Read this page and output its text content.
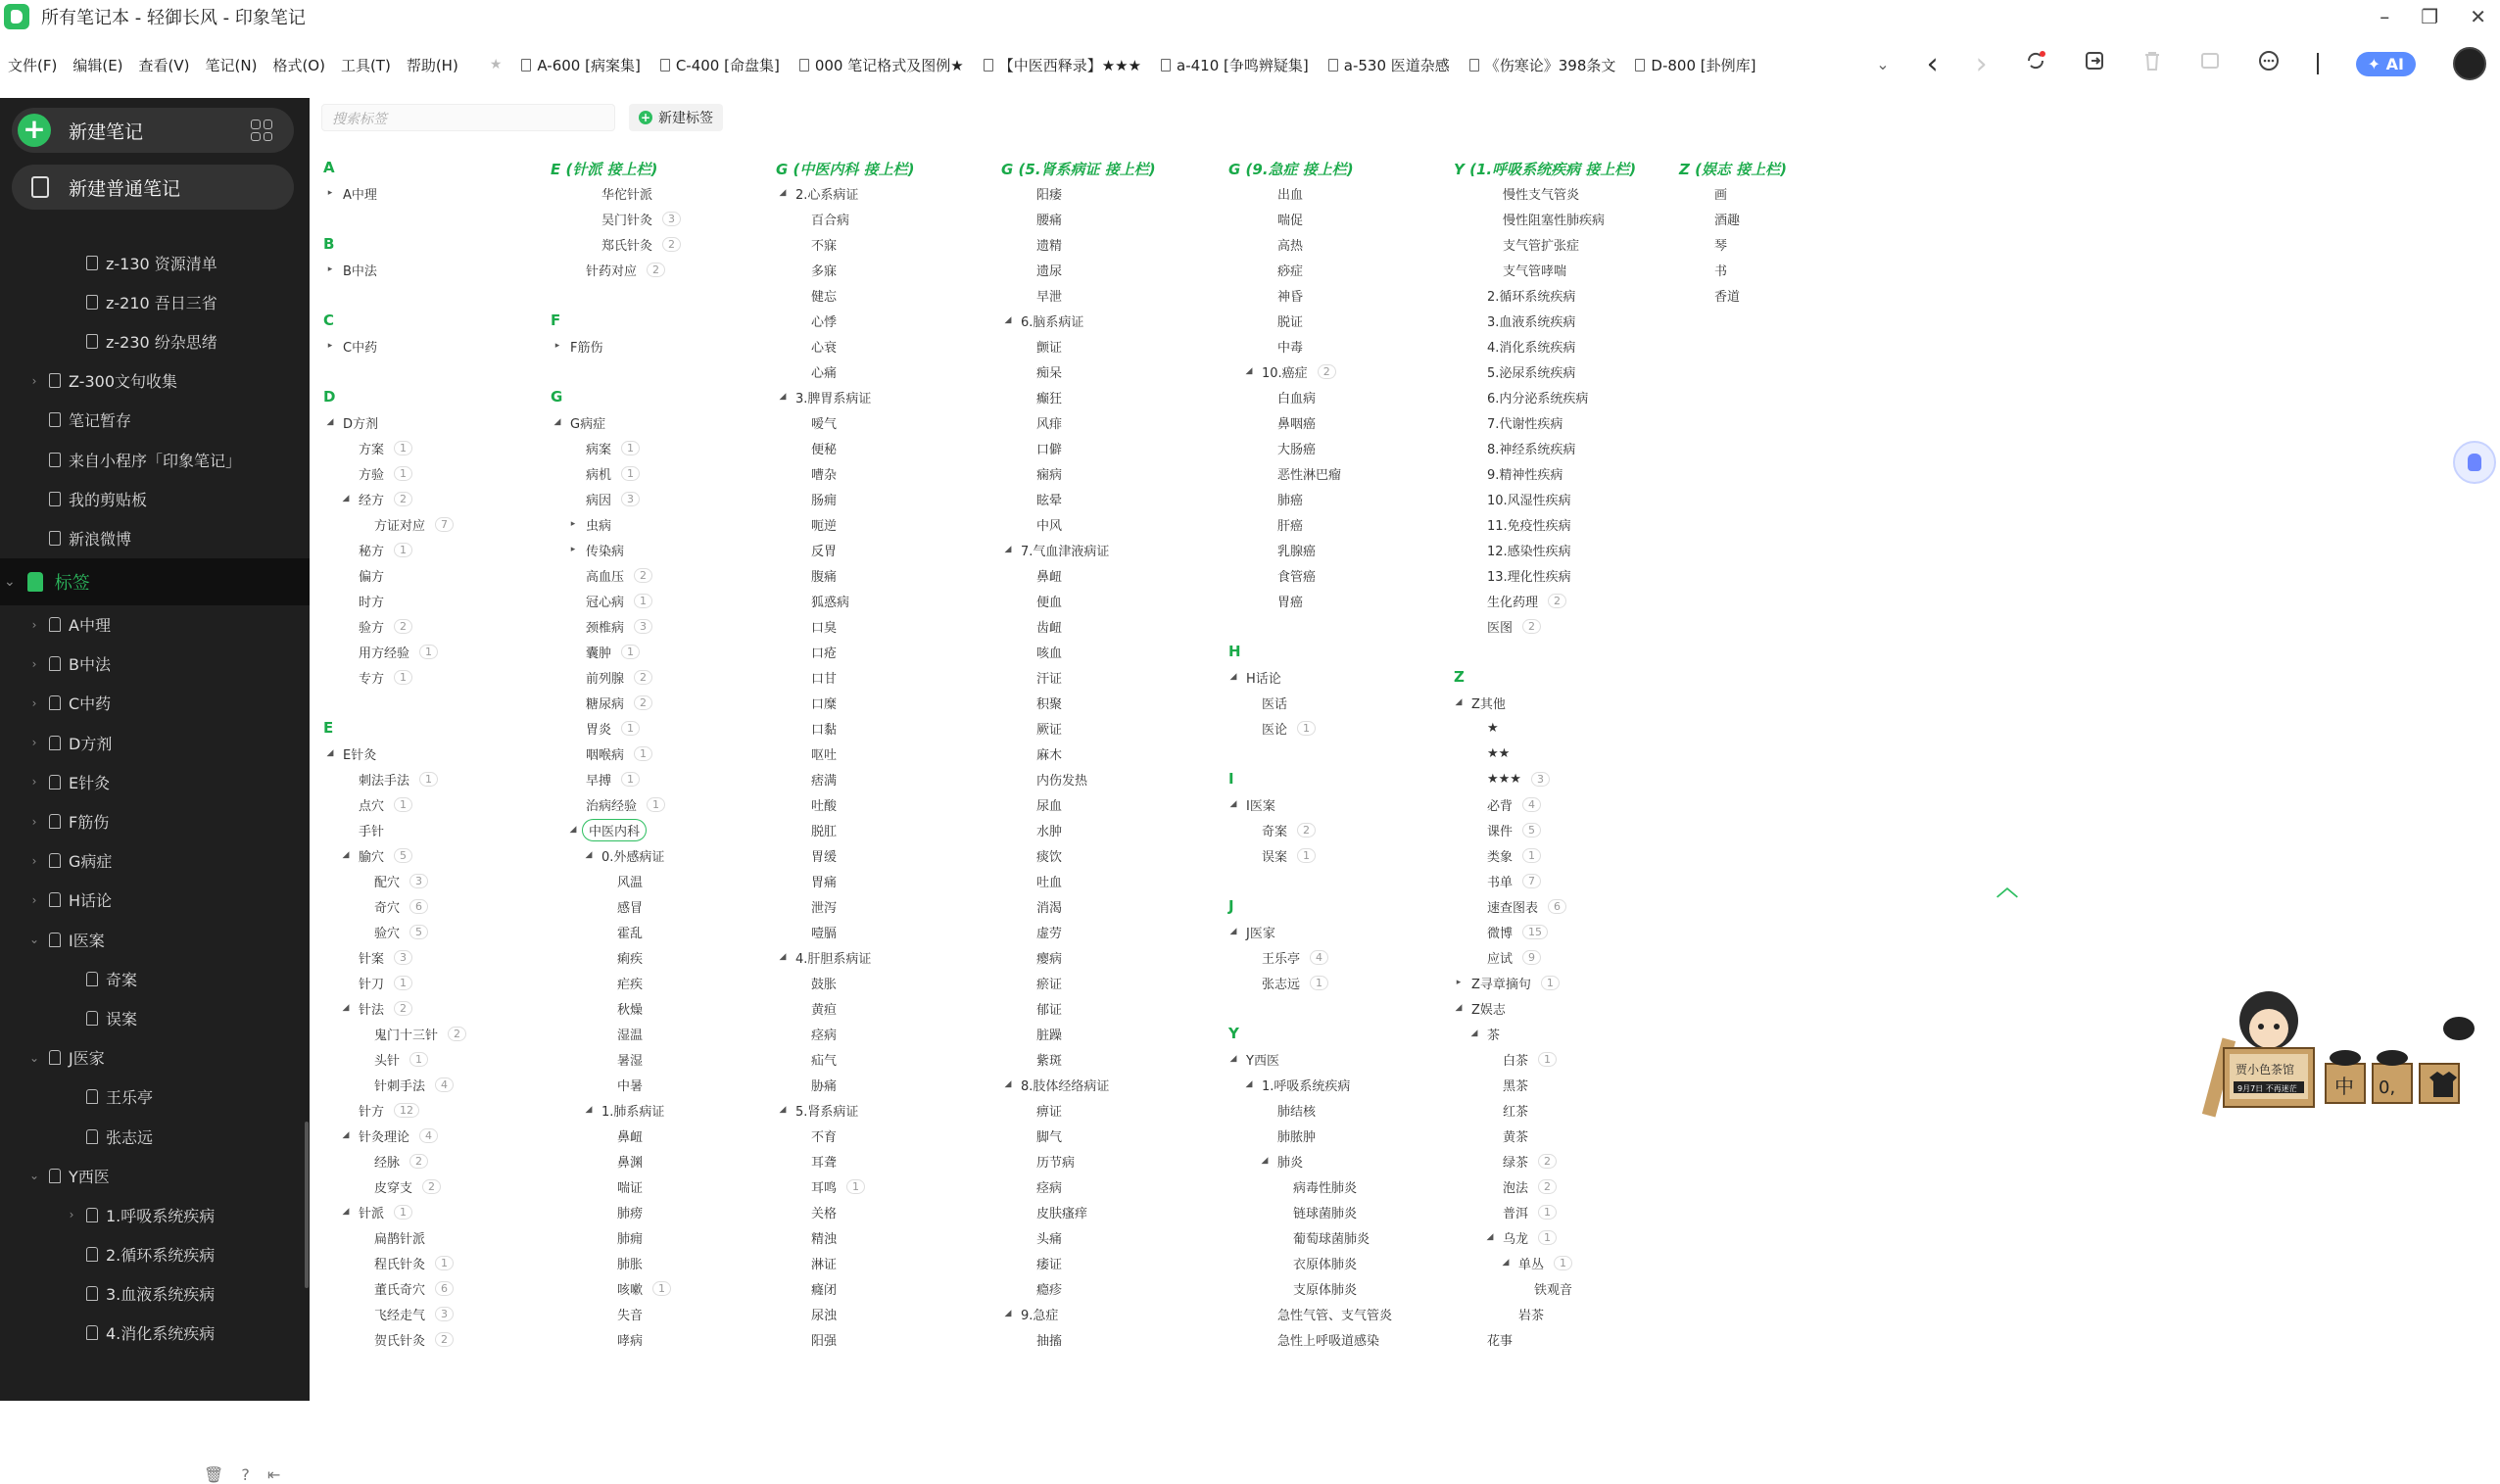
所有笔记本 - 轻御长风 - 印象笔记	– ❐ ✕
文件(F) 编辑(E) 查看(V) 笔记(N) 格式(O) 工具(T) 帮助(H) ★ A-600 [病案集] C-400 [命盘集] 000 笔记格式及图例★ 【中医西释录】★★★ a-410 [争鸣辨疑集] a-530 医道杂感 《伤寒论》398条文 D-800 [卦例库]	⌄ ‹ ›	✦ AI
+ 新建笔记
新建普通笔记
z-130 资源清单
z-210 吾日三省
z-230 纷杂思绪
› Z-300文句收集
笔记暂存
来自小程序「印象笔记」
我的剪贴板
新浪微博
⌄ 标签
› A中理
› B中法
› C中药
› D方剂
› E针灸
› F筋伤
› G病症
› H话论
⌄ I医案
奇案
误案
⌄ J医家
王乐亭
张志远
⌄ Y西医
› 1.呼吸系统疾病
2.循环系统疾病
3.血液系统疾病
4.消化系统疾病
🗑 ? ⇤
搜索标签	+ 新建标签
A
B
C
D
E
▸ A中理
▸ B中法
▸ C中药
◢ D方剂
方案	1
方验	1
◢ 经方	2
方证对应	7
秘方	1
偏方
时方
验方	2
用方经验	1
专方	1
◢ E针灸
刺法手法	1
点穴	1
手针
◢ 腧穴	5
配穴	3
奇穴	6
验穴	5
针案	3
针刀	1
◢ 针法	2
鬼门十三针	2
头针	1
针刺手法	4
针方	12
◢ 针灸理论	4
经脉	2
皮穿支	2
◢ 针派	1
扁鹊针派
程氏针灸	1
董氏奇穴	6
飞经走气	3
贺氏针灸	2
E (针派 接上栏)
F
G
华佗针派
吴门针灸	3
郑氏针灸	2
针药对应	2
▸ F筋伤
◢ G病症
病案	1
病机	1
病因	3
▸ 虫病
▸ 传染病
高血压	2
冠心病	1
颈椎病	3
囊肿	1
前列腺	2
糖尿病	2
胃炎	1
咽喉病	1
早搏	1
治病经验	1
◢ 中医内科
◢ 0.外感病证
风温
感冒
霍乱
痢疾
疟疾
秋燥
湿温
暑湿
中暑
◢ 1.肺系病证
鼻衄
鼻渊
喘证
肺痨
肺痈
肺胀
咳嗽	1
失音
哮病
G (中医内科 接上栏)
◢ 2.心系病证
百合病
不寐
多寐
健忘
心悸
心衰
心痛
◢ 3.脾胃系病证
嗳气
便秘
嘈杂
肠痈
呃逆
反胃
腹痛
狐惑病
口臭
口疮
口甘
口糜
口黏
呕吐
痞满
吐酸
脱肛
胃缓
胃痛
泄泻
噎膈
◢ 4.肝胆系病证
鼓胀
黄疸
痉病
疝气
胁痛
◢ 5.肾系病证
不育
耳聋
耳鸣	1
关格
精浊
淋证
癃闭
尿浊
阳强
G (5.肾系病证 接上栏)
阳痿
腰痛
遗精
遗尿
早泄
◢ 6.脑系病证
颤证
痴呆
癫狂
风痱
口僻
痫病
眩晕
中风
◢ 7.气血津液病证
鼻衄
便血
齿衄
咳血
汗证
积聚
厥证
麻木
内伤发热
尿血
水肿
痰饮
吐血
消渴
虚劳
瘿病
瘀证
郁证
脏躁
紫斑
◢ 8.肢体经络病证
痹证
脚气
历节病
痉病
皮肤瘙痒
头痛
痿证
瘾疹
◢ 9.急症
抽搐
G (9.急症 接上栏)
H
I
J
Y
出血
喘促
高热
痧症
神昏
脱证
中毒
◢ 10.癌症	2
白血病
鼻咽癌
大肠癌
恶性淋巴瘤
肺癌
肝癌
乳腺癌
食管癌
胃癌
◢ H话论
医话
医论	1
◢ I医案
奇案	2
误案	1
◢ J医家
王乐亭	4
张志远	1
◢ Y西医
◢ 1.呼吸系统疾病
肺结核
肺脓肿
◢ 肺炎
病毒性肺炎
链球菌肺炎
葡萄球菌肺炎
衣原体肺炎
支原体肺炎
急性气管、支气管炎
急性上呼吸道感染
Y (1.呼吸系统疾病 接上栏)
Z
慢性支气管炎
慢性阻塞性肺疾病
支气管扩张症
支气管哮喘
2.循环系统疾病
3.血液系统疾病
4.消化系统疾病
5.泌尿系统疾病
6.内分泌系统疾病
7.代谢性疾病
8.神经系统疾病
9.精神性疾病
10.风湿性疾病
11.免疫性疾病
12.感染性疾病
13.理化性疾病
生化药理	2
医图	2
◢ Z其他
★
★★
★★★	3
必背	4
课件	5
类象	1
书单	7
速查图表	6
微博	15
应试	9
▸ Z寻章摘句	1
◢ Z娱志
◢ 茶
白茶	1
黑茶
红茶
黄茶
绿茶	2
泡法	2
普洱	1
◢ 乌龙	1
◢ 单丛	1
铁观音
岩茶
花事
Z (娱志 接上栏)
画
酒趣
琴
书
香道
︿
贾小色茶馆
9月7日 不再迷茫 中 0,
